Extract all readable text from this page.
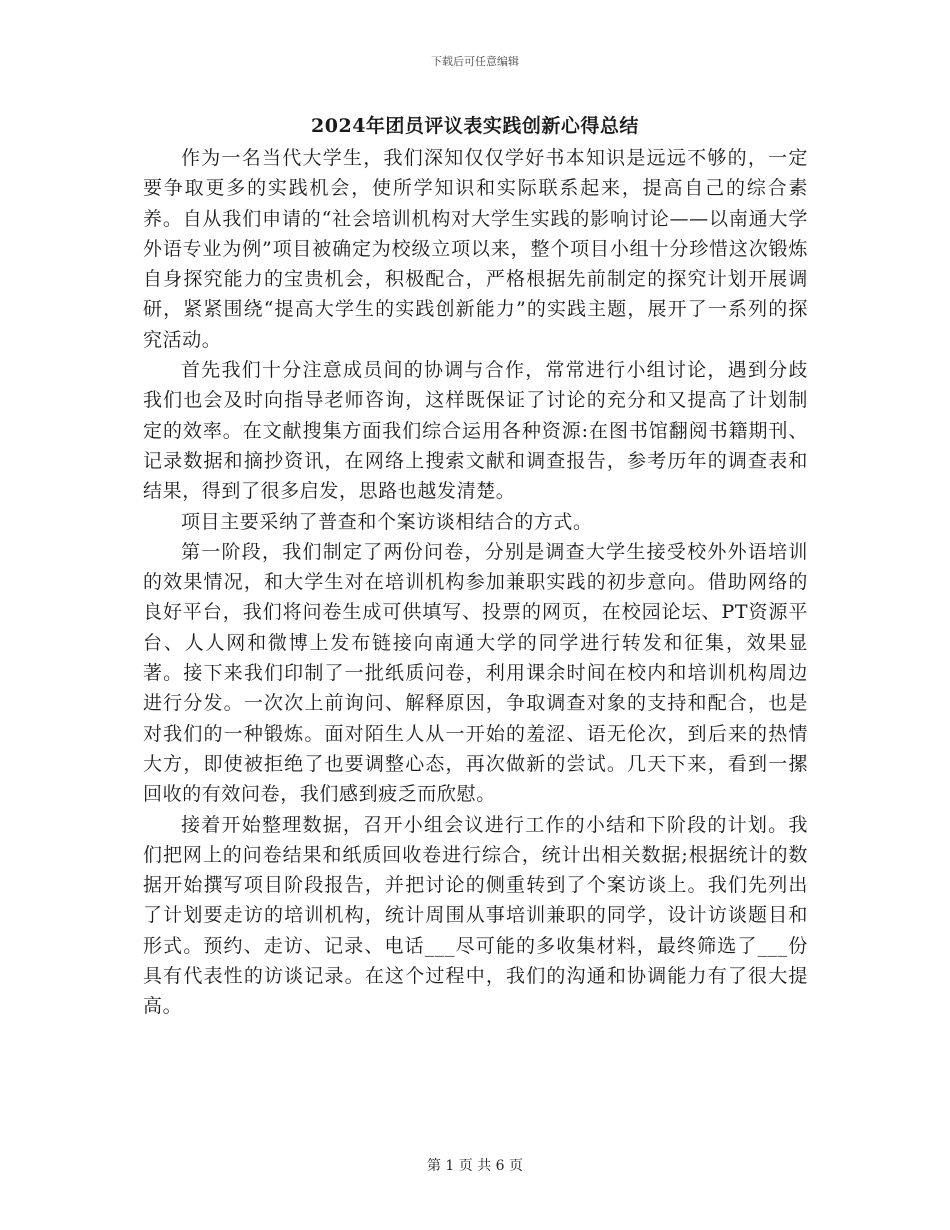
下载后可任意编辑
2024年团员评议表实践创新心得总结

作为一名当代大学生，我们深知仅仅学好书本知识是远远不够的，一定要争取更多的实践机会，使所学知识和实际联系起来，提高自己的综合素养。自从我们申请的“社会培训机构对大学生实践的影响讨论——以南通大学外语专业为例”项目被确定为校级立项以来，整个项目小组十分珍惜这次锻炼自身探究能力的宝贵机会，积极配合，严格根据先前制定的探究计划开展调研，紧紧围绕“提高大学生的实践创新能力”的实践主题，展开了一系列的探究活动。

首先我们十分注意成员间的协调与合作，常常进行小组讨论，遇到分歧我们也会及时向指导老师咨询，这样既保证了讨论的充分和又提高了计划制定的效率。在文献搜集方面我们综合运用各种资源:在图书馆翻阅书籍期刊、记录数据和摘抄资讯，在网络上搜索文献和调查报告，参考历年的调查表和结果，得到了很多启发，思路也越发清楚。

项目主要采纳了普查和个案访谈相结合的方式。

第一阶段，我们制定了两份问卷，分别是调查大学生接受校外外语培训的效果情况，和大学生对在培训机构参加兼职实践的初步意向。借助网络的良好平台，我们将问卷生成可供填写、投票的网页，在校园论坛、PT资源平台、人人网和微博上发布链接向南通大学的同学进行转发和征集，效果显著。接下来我们印制了一批纸质问卷，利用课余时间在校内和培训机构周边进行分发。一次次上前询问、解释原因，争取调查对象的支持和配合，也是对我们的一种锻炼。面对陌生人从一开始的羞涩、语无伦次，到后来的热情大方，即使被拒绝了也要调整心态，再次做新的尝试。几天下来，看到一摞回收的有效问卷，我们感到疲乏而欣慰。

接着开始整理数据，召开小组会议进行工作的小结和下阶段的计划。我们把网上的问卷结果和纸质回收卷进行综合，统计出相关数据;根据统计的数据开始撰写项目阶段报告，并把讨论的侧重转到了个案访谈上。我们先列出了计划要走访的培训机构，统计周围从事培训兼职的同学，设计访谈题目和形式。预约、走访、记录、电话___尽可能的多收集材料，最终筛选了___份具有代表性的访谈记录。在这个过程中，我们的沟通和协调能力有了很大提高。

第 1 页 共 6 页
